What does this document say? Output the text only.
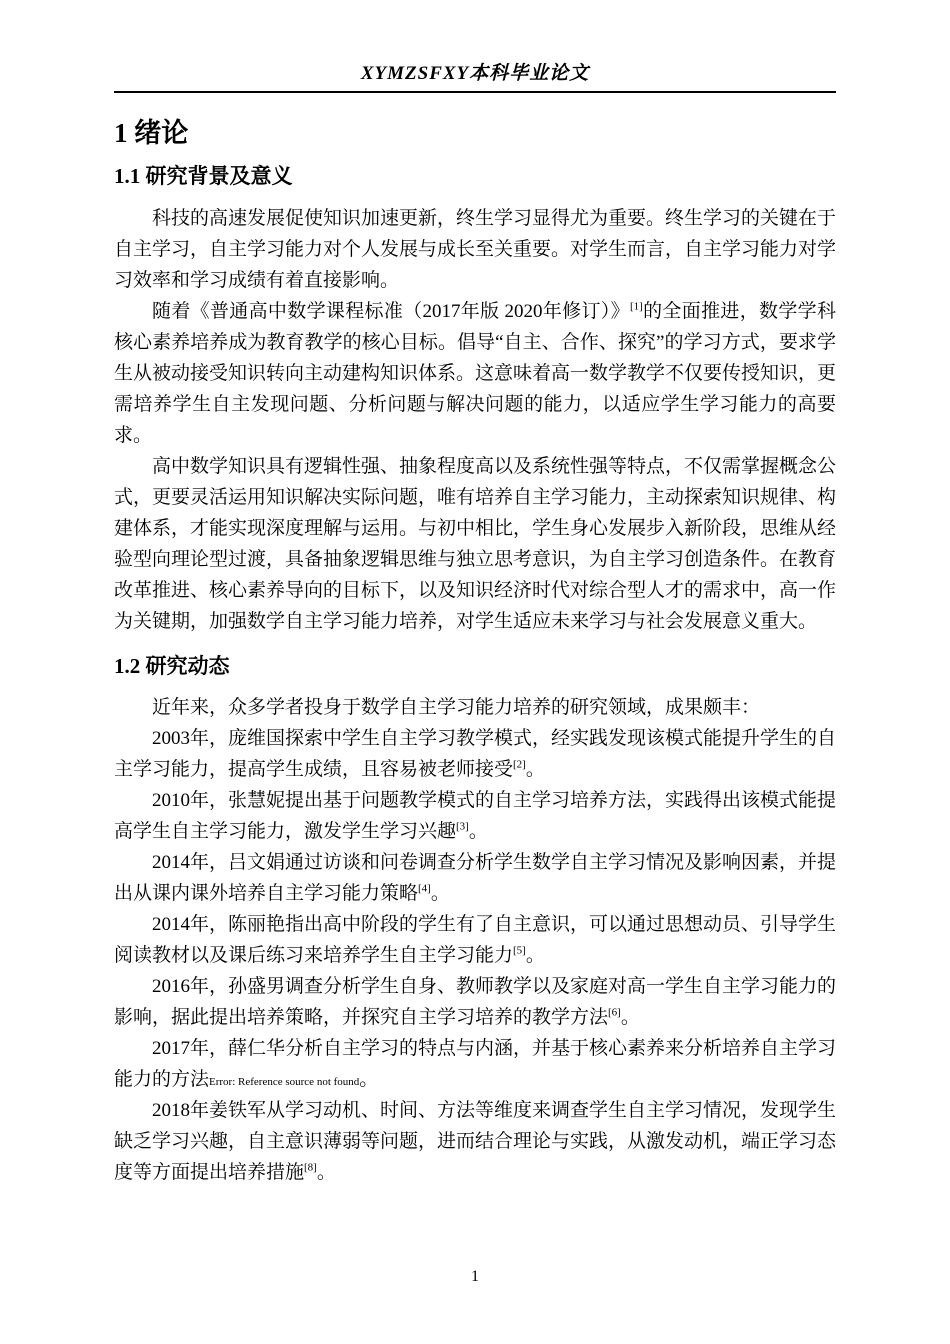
XYMZSFXY本科毕业论文
1 绪论
1.1 研究背景及意义

科技的高速发展促使知识加速更新，终生学习显得尤为重要。终生学习的关键在于自主学习，自主学习能力对个人发展与成长至关重要。对学生而言，自主学习能力对学习效率和学习成绩有着直接影响。

随着《普通高中数学课程标准（2017年版 2020年修订）》[1]的全面推进，数学学科核心素养培养成为教育教学的核心目标。倡导“自主、合作、探究”的学习方式，要求学生从被动接受知识转向主动建构知识体系。这意味着高一数学教学不仅要传授知识，更需培养学生自主发现问题、分析问题与解决问题的能力，以适应学生学习能力的高要求。

高中数学知识具有逻辑性强、抽象程度高以及系统性强等特点，不仅需掌握概念公式，更要灵活运用知识解决实际问题，唯有培养自主学习能力，主动探索知识规律、构建体系，才能实现深度理解与运用。与初中相比，学生身心发展步入新阶段，思维从经验型向理论型过渡，具备抽象逻辑思维与独立思考意识，为自主学习创造条件。在教育改革推进、核心素养导向的目标下，以及知识经济时代对综合型人才的需求中，高一作为关键期，加强数学自主学习能力培养，对学生适应未来学习与社会发展意义重大。

1.2 研究动态

近年来，众多学者投身于数学自主学习能力培养的研究领域，成果颇丰：

2003年，庞维国探索中学生自主学习教学模式，经实践发现该模式能提升学生的自主学习能力，提高学生成绩，且容易被老师接受[2]。

2010年，张慧妮提出基于问题教学模式的自主学习培养方法，实践得出该模式能提高学生自主学习能力，激发学生学习兴趣[3]。

2014年，吕文娟通过访谈和问卷调查分析学生数学自主学习情况及影响因素，并提出从课内课外培养自主学习能力策略[4]。

2014年，陈丽艳指出高中阶段的学生有了自主意识，可以通过思想动员、引导学生阅读教材以及课后练习来培养学生自主学习能力[5]。

2016年，孙盛男调查分析学生自身、教师教学以及家庭对高一学生自主学习能力的影响，据此提出培养策略，并探究自主学习培养的教学方法[6]。

2017年，薛仁华分析自主学习的特点与内涵，并基于核心素养来分析培养自主学习能力的方法Error: Reference source not found。

2018年姜铁军从学习动机、时间、方法等维度来调查学生自主学习情况，发现学生缺乏学习兴趣，自主意识薄弱等问题，进而结合理论与实践，从激发动机，端正学习态度等方面提出培养措施[8]。

1
